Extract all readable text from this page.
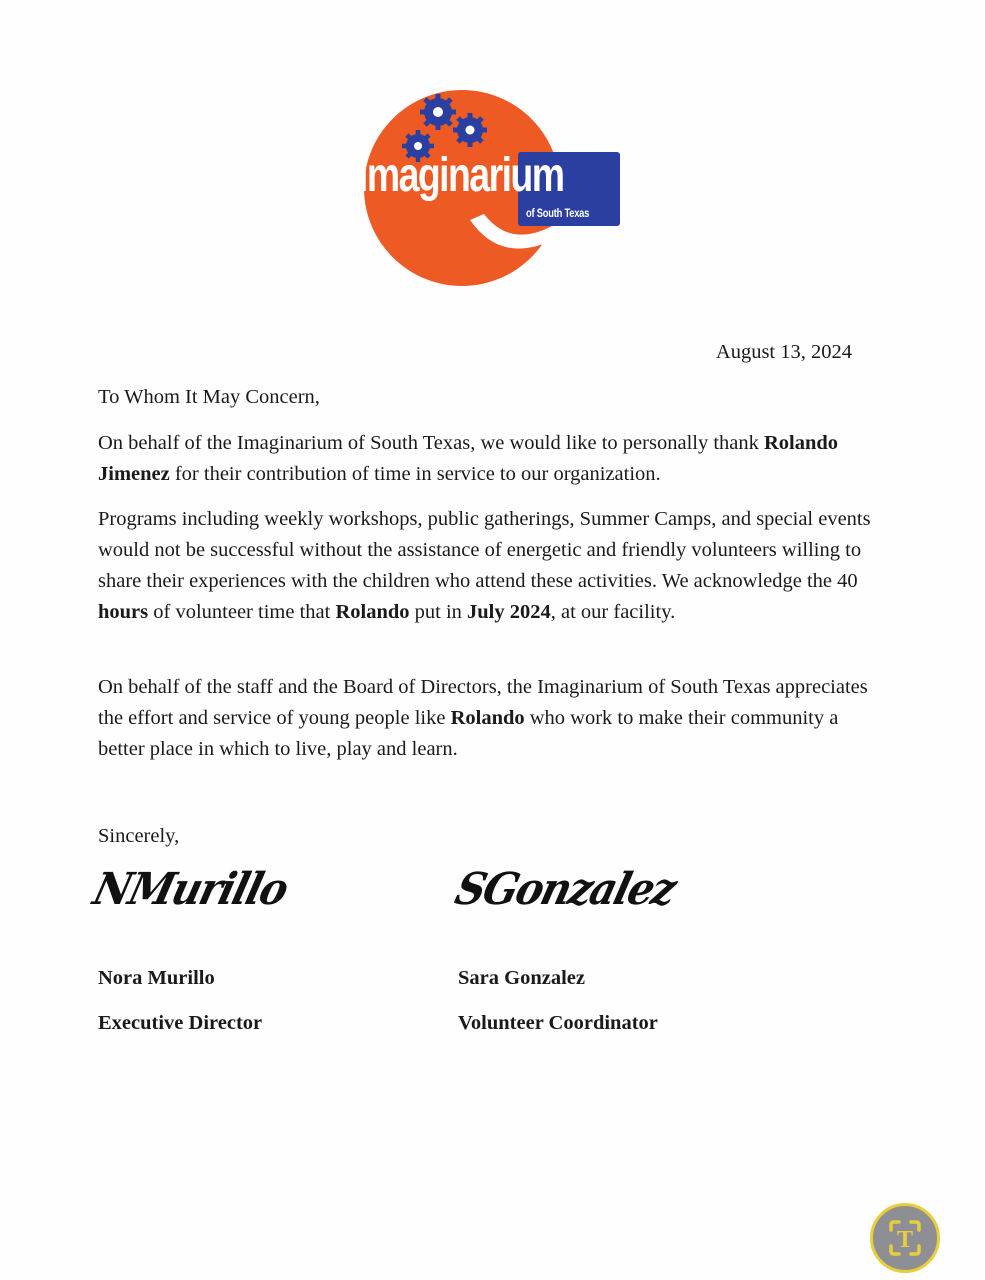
imaginarium
of South Texas
August 13, 2024
To Whom It May Concern,

On behalf of the Imaginarium of South Texas, we would like to personally thank Rolando Jimenez for their contribution of time in service to our organization.

Programs including weekly workshops, public gatherings, Summer Camps, and special events would not be successful without the assistance of energetic and friendly volunteers willing to share their experiences with the children who attend these activities. We acknowledge the 40 hours of volunteer time that Rolando put in July 2024, at our facility.

On behalf of the staff and the Board of Directors, the Imaginarium of South Texas appreciates the effort and service of young people like Rolando who work to make their community a better place in which to live, play and learn.

Sincerely,
NMurillo	SGonzalez
Nora Murillo
Executive Director
Sara Gonzalez
Volunteer Coordinator
T
